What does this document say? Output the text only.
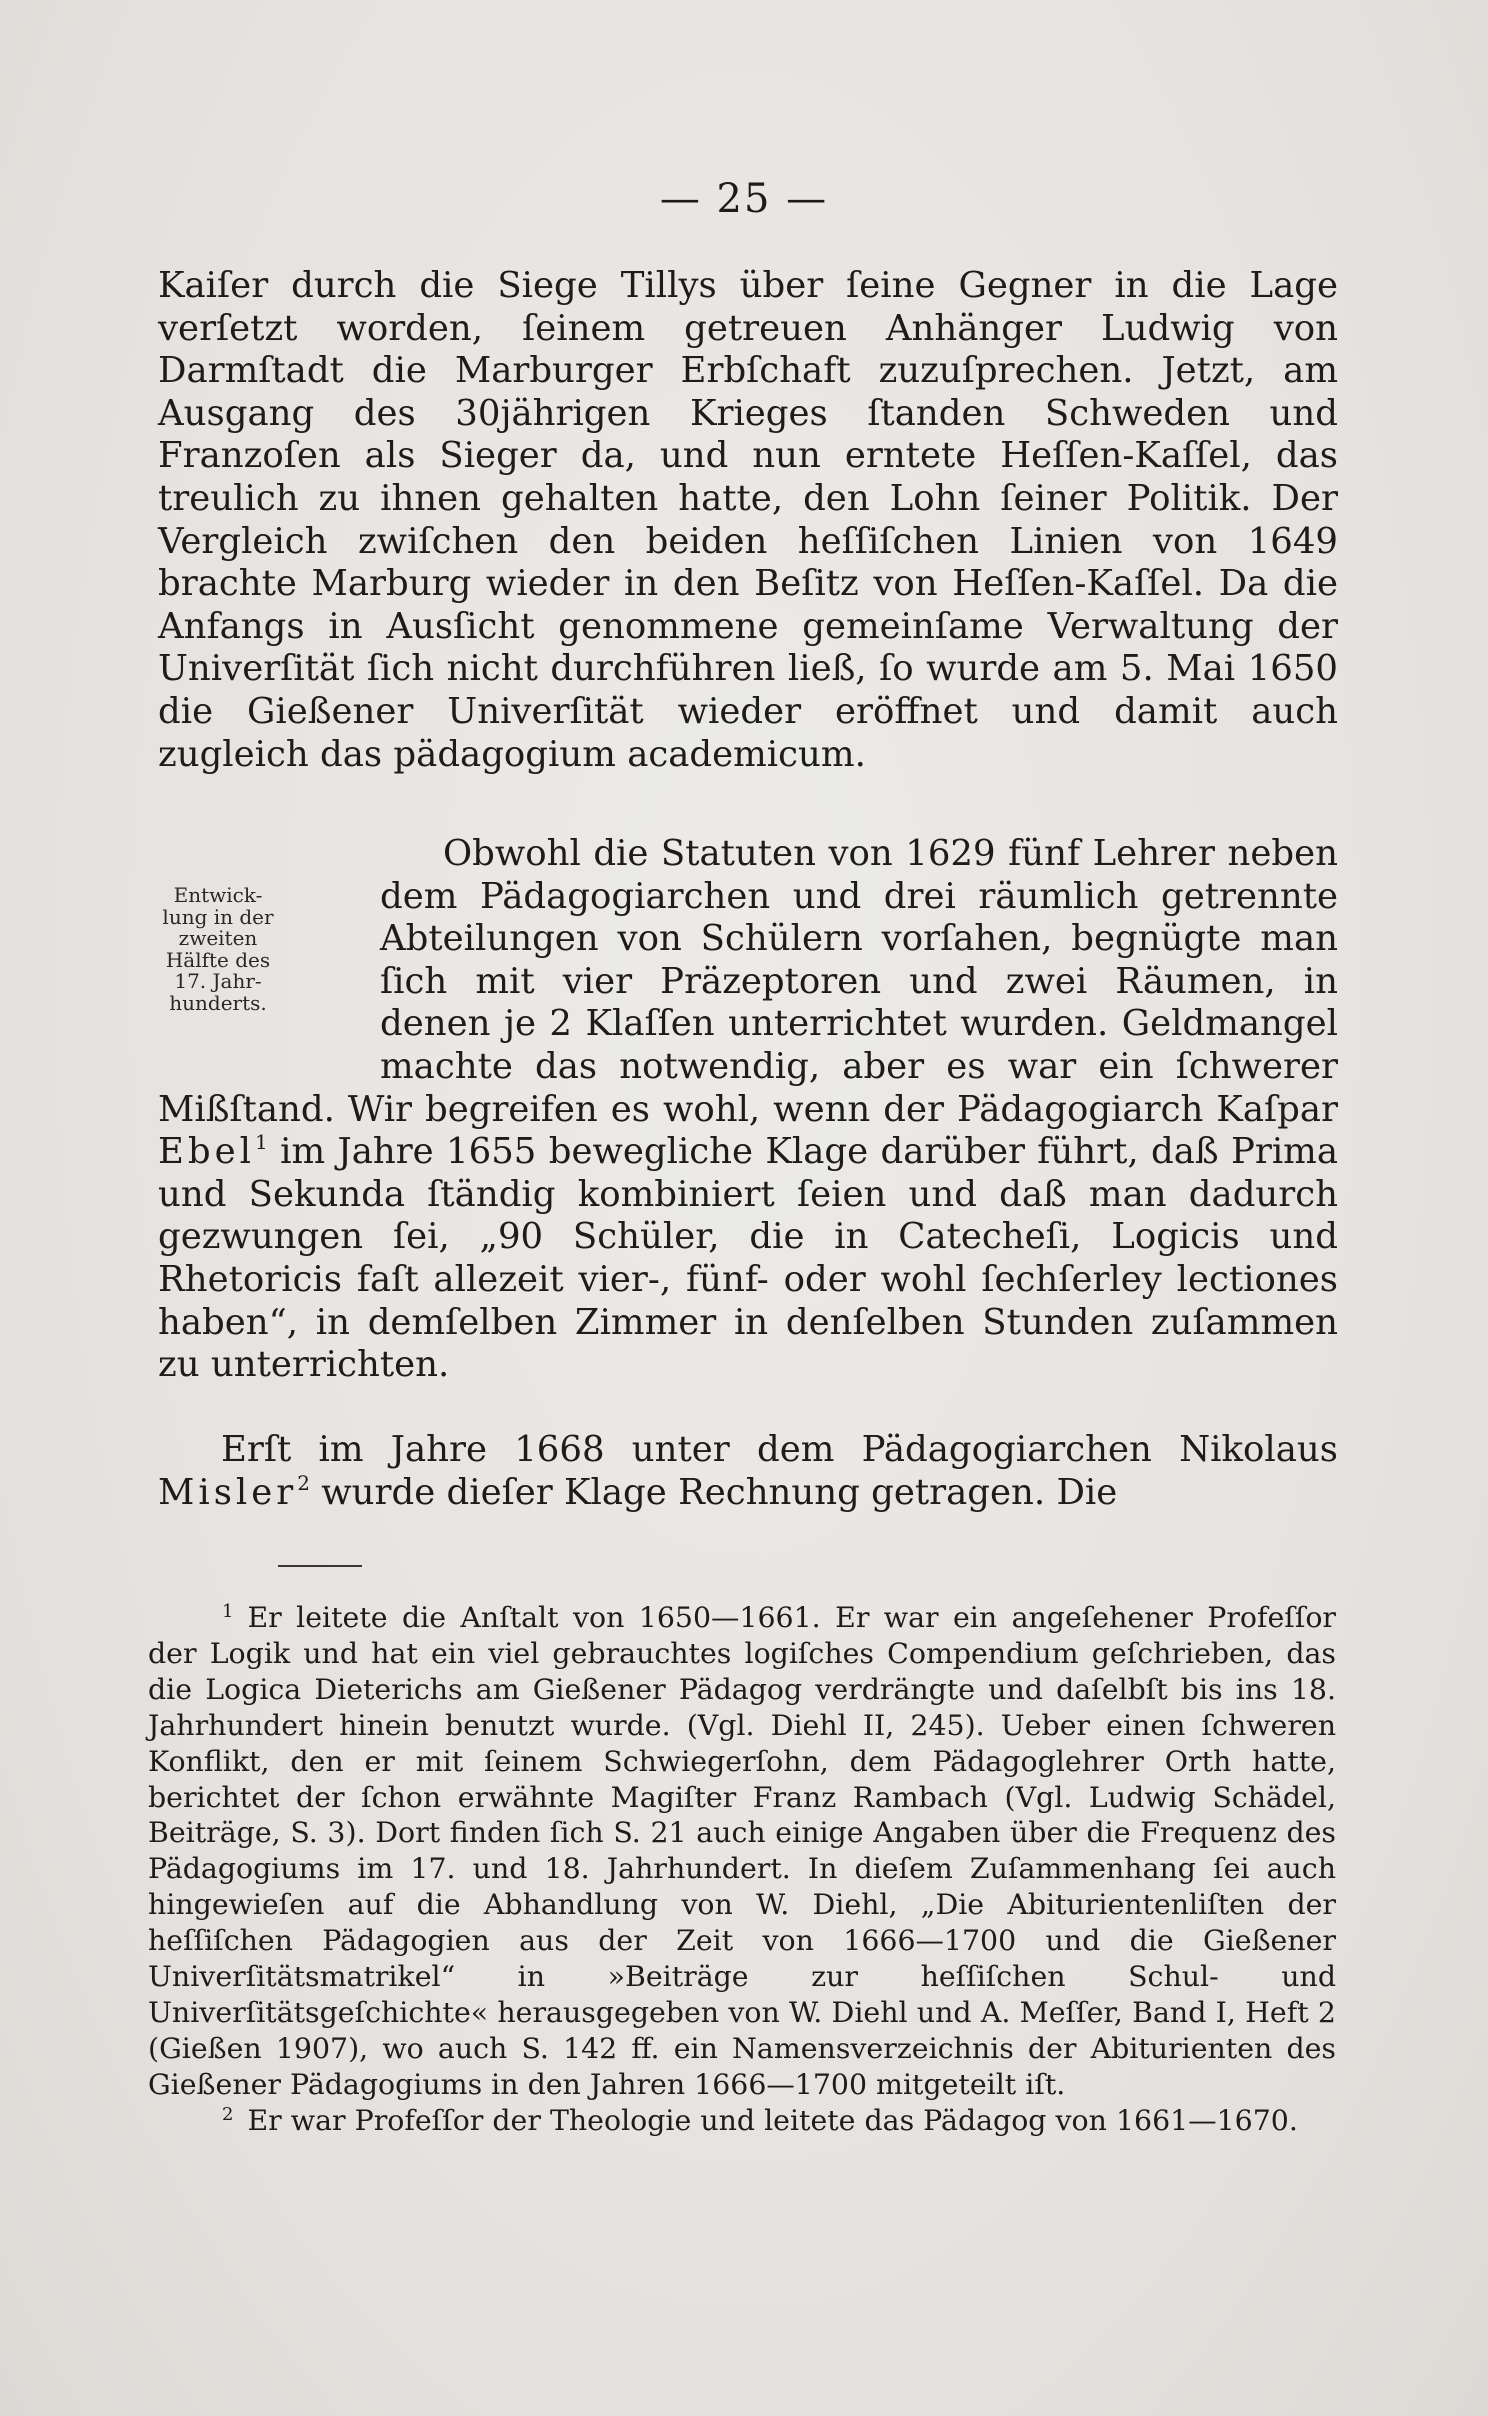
— 25 —

Kaiſer durch die Siege Tillys über ſeine Gegner in die Lage verſetzt worden, ſeinem getreuen Anhänger Ludwig von Darmſtadt die Marburger Erbſchaft zuzuſprechen. Jetzt, am Ausgang des 30jährigen Krieges ſtanden Schweden und Franzoſen als Sieger da, und nun erntete Heſſen-Kaſſel, das treulich zu ihnen gehalten hatte, den Lohn ſeiner Politik. Der Vergleich zwiſchen den beiden heſſiſchen Linien von 1649 brachte Marburg wieder in den Beſitz von Heſſen-Kaſſel. Da die Anfangs in Ausſicht genommene gemeinſame Verwaltung der Univerſität ſich nicht durchführen ließ, ſo wurde am 5. Mai 1650 die Gießener Univerſität wieder eröffnet und damit auch zugleich das pädagogium academicum.

Entwick-
lung in der
zweiten
Hälfte des
17. Jahr-
hunderts.

Obwohl die Statuten von 1629 fünf Lehrer neben dem Pädagogiarchen und drei räumlich getrennte Abteilungen von Schülern vorſahen, begnügte man ſich mit vier Präzeptoren und zwei Räumen, in denen je 2 Klaſſen unterrichtet wurden. Geldmangel machte das notwendig, aber es war ein ſchwerer Mißſtand. Wir begreifen es wohl, wenn der Pädagogiarch Kaſpar Ebel$^1$ im Jahre 1655 bewegliche Klage darüber führt, daß Prima und Sekunda ſtändig kombiniert ſeien und daß man dadurch gezwungen ſei, „90 Schüler, die in Catecheſi, Logicis und Rhetoricis faſt allezeit vier-, fünf- oder wohl ſechſerley lectiones haben“, in demſelben Zimmer in denſelben Stunden zuſammen zu unterrichten.

Erſt im Jahre 1668 unter dem Pädagogiarchen Nikolaus Misler$^2$ wurde dieſer Klage Rechnung getragen. Die

$^1$ Er leitete die Anſtalt von 1650—1661. Er war ein angeſehener Profeſſor der Logik und hat ein viel gebrauchtes logiſches Compendium geſchrieben, das die Logica Dieterichs am Gießener Pädagog verdrängte und daſelbſt bis ins 18. Jahrhundert hinein benutzt wurde. (Vgl. Diehl II, 245). Ueber einen ſchweren Konflikt, den er mit ſeinem Schwiegerſohn, dem Pädagoglehrer Orth hatte, berichtet der ſchon erwähnte Magiſter Franz Rambach (Vgl. Ludwig Schädel, Beiträge, S. 3). Dort finden ſich S. 21 auch einige Angaben über die Frequenz des Pädagogiums im 17. und 18. Jahrhundert. In dieſem Zuſammenhang ſei auch hingewieſen auf die Abhandlung von W. Diehl, „Die Abiturientenliſten der heſſiſchen Pädagogien aus der Zeit von 1666—1700 und die Gießener Univerſitätsmatrikel“ in »Beiträge zur heſſiſchen Schul- und Univerſitätsgeſchichte« herausgegeben von W. Diehl und A. Meſſer, Band I, Heft 2 (Gießen 1907), wo auch S. 142 ff. ein Namensverzeichnis der Abiturienten des Gießener Pädagogiums in den Jahren 1666—1700 mitgeteilt iſt.

$^2$ Er war Profeſſor der Theologie und leitete das Pädagog von 1661—1670.
